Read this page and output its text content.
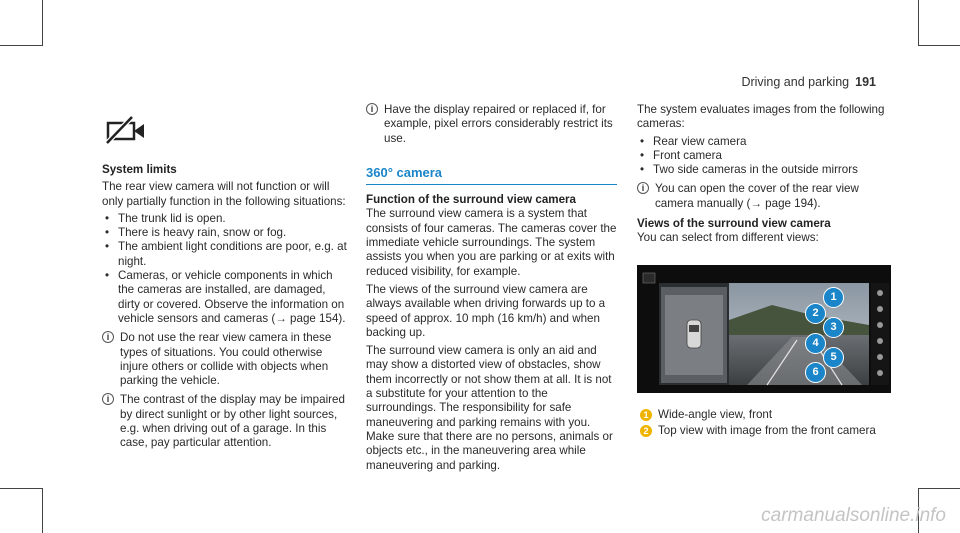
Driving and parking 191

System limits

The rear view camera will not function or will only partially function in the following situations:

• The trunk lid is open.
• There is heavy rain, snow or fog.
• The ambient light conditions are poor, e.g. at night.
• Cameras, or vehicle components in which the cameras are installed, are damaged, dirty or covered. Observe the information on vehicle sensors and cameras (→ page 154).
i Do not use the rear view camera in these types of situations. You could otherwise injure others or collide with objects when parking the vehicle.
i The contrast of the display may be impaired by direct sunlight or by other light sources, e.g. when driving out of a garage. In this case, pay particular attention.
i Have the display repaired or replaced if, for example, pixel errors considerably restrict its use.
360° camera

Function of the surround view camera

The surround view camera is a system that consists of four cameras. The cameras cover the immediate vehicle surroundings. The system assists you when you are parking or at exits with reduced visibility, for example.

The views of the surround view camera are always available when driving forwards up to a speed of approx. 10 mph (16 km/h) and when backing up.

The surround view camera is only an aid and may show a distorted view of obstacles, show them incorrectly or not show them at all. It is not a substitute for your attention to the surroundings. The responsibility for safe maneuvering and parking remains with you. Make sure that there are no persons, animals or objects etc., in the maneuvering area while maneuvering and parking.

The system evaluates images from the following cameras:

• Rear view camera
• Front camera
• Two side cameras in the outside mirrors
i You can open the cover of the rear view camera manually (→ page 194).

Views of the surround view camera

You can select from different views:

1
2
3
4
5
6
1 Wide-angle view, front
2 Top view with image from the front camera
carmanualsonline.info
